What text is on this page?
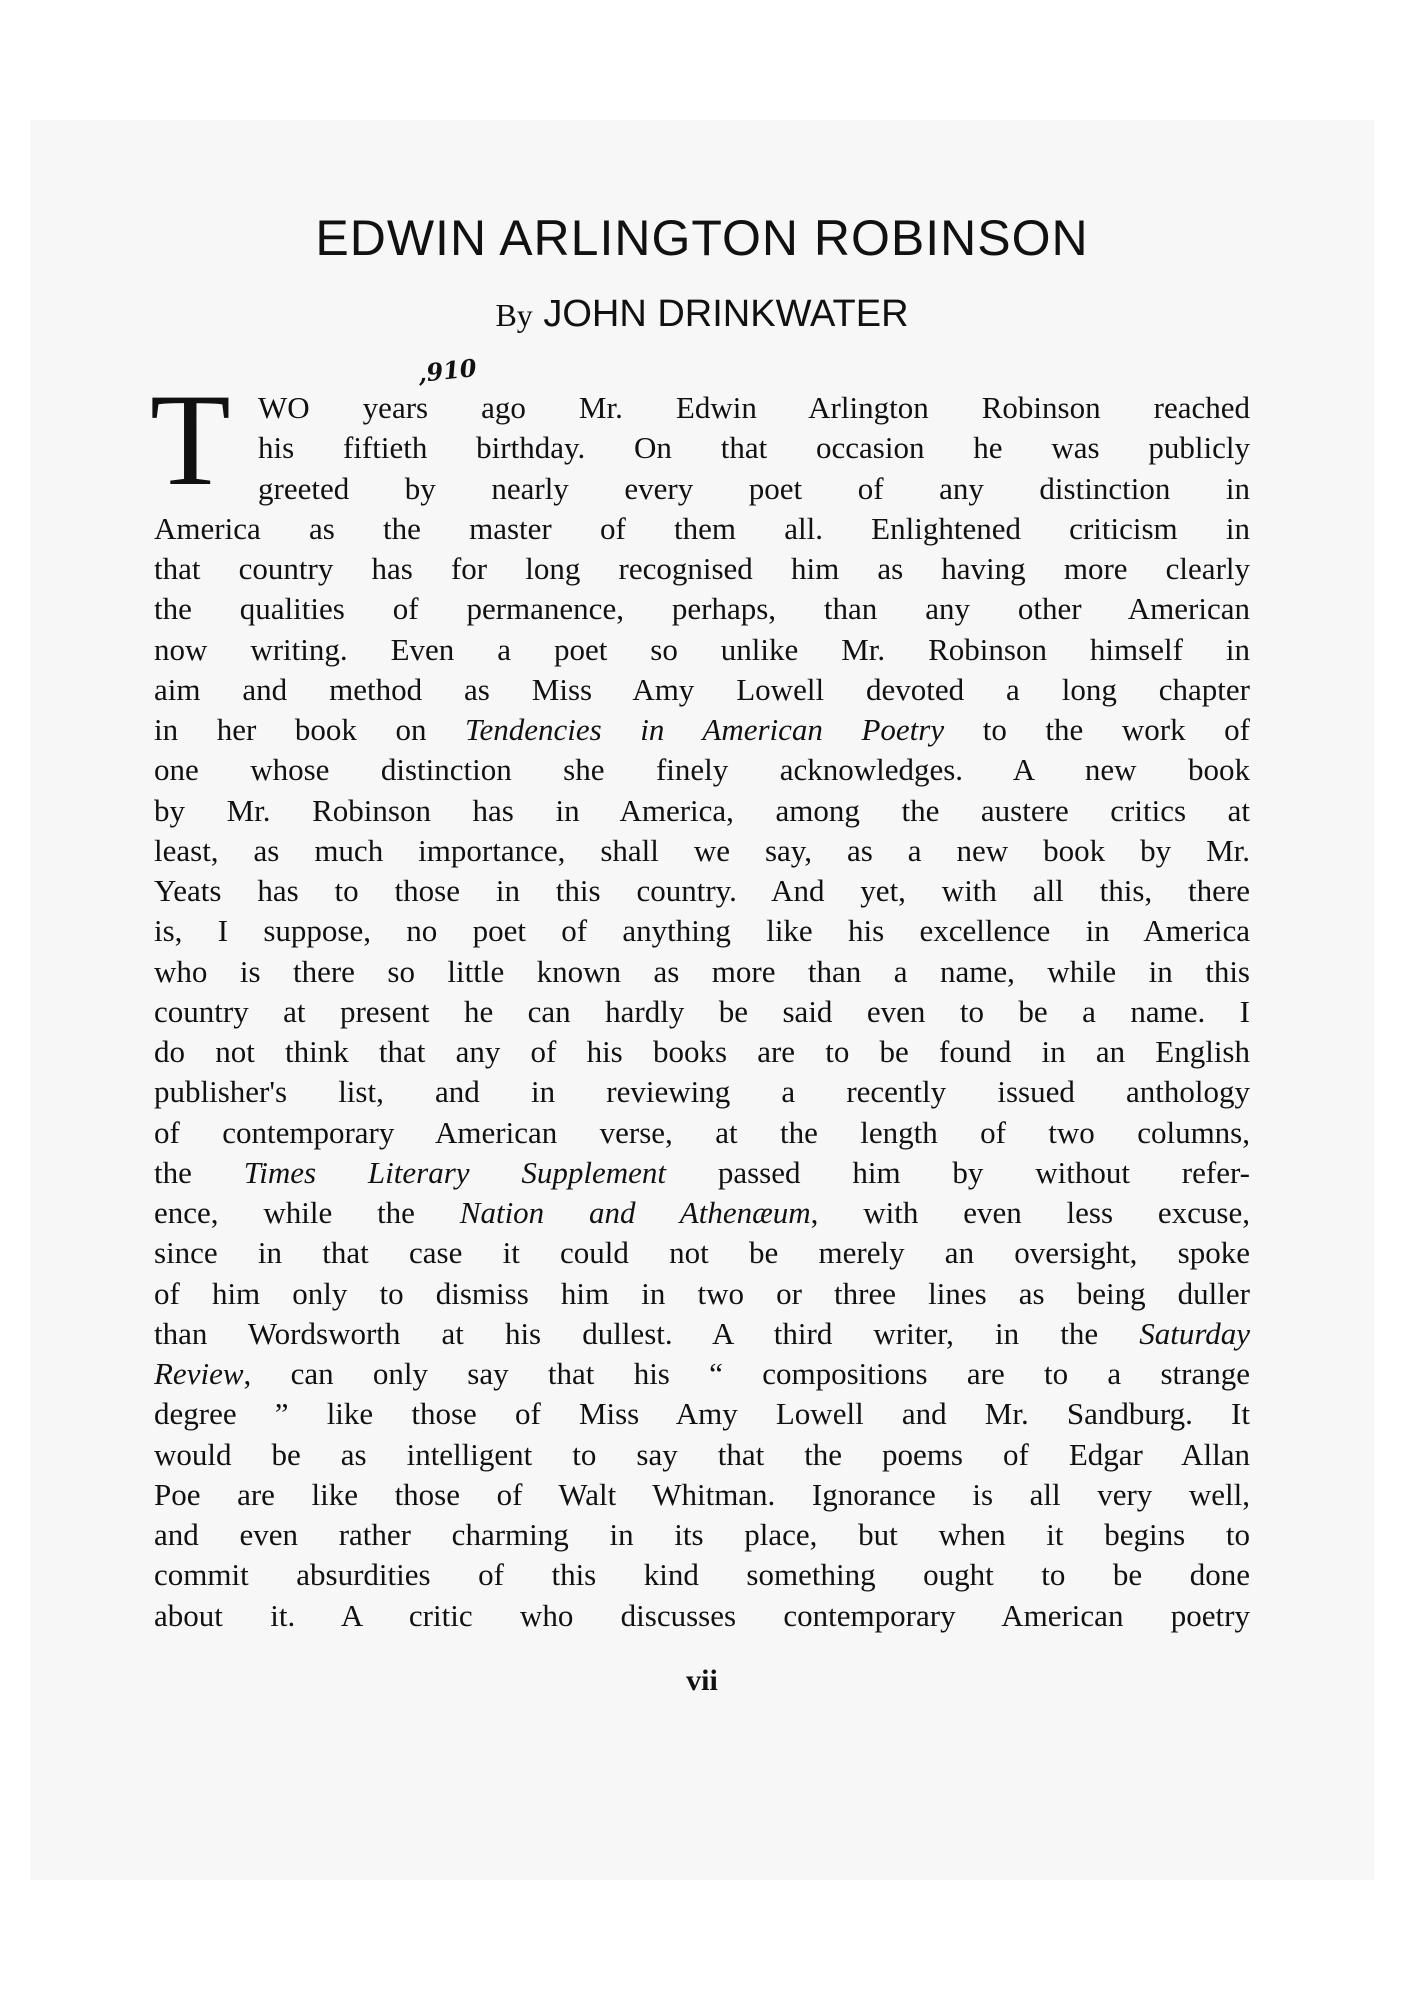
EDWIN ARLINGTON ROBINSON
By JOHN DRINKWATER
,910
T WO years ago Mr. Edwin Arlington Robinson reached
his fiftieth birthday. On that occasion he was publicly
greeted by nearly every poet of any distinction in
America as the master of them all. Enlightened criticism in
that country has for long recognised him as having more clearly
the qualities of permanence, perhaps, than any other American
now writing. Even a poet so unlike Mr. Robinson himself in
aim and method as Miss Amy Lowell devoted a long chapter
in her book on Tendencies in American Poetry to the work of
one whose distinction she finely acknowledges. A new book
by Mr. Robinson has in America, among the austere critics at
least, as much importance, shall we say, as a new book by Mr.
Yeats has to those in this country. And yet, with all this, there
is, I suppose, no poet of anything like his excellence in America
who is there so little known as more than a name, while in this
country at present he can hardly be said even to be a name. I
do not think that any of his books are to be found in an English
publisher's list, and in reviewing a recently issued anthology
of contemporary American verse, at the length of two columns,
the Times Literary Supplement passed him by without refer-
ence, while the Nation and Athenæum, with even less excuse,
since in that case it could not be merely an oversight, spoke
of him only to dismiss him in two or three lines as being duller
than Wordsworth at his dullest. A third writer, in the Saturday
Review, can only say that his “ compositions are to a strange
degree ” like those of Miss Amy Lowell and Mr. Sandburg. It
would be as intelligent to say that the poems of Edgar Allan
Poe are like those of Walt Whitman. Ignorance is all very well,
and even rather charming in its place, but when it begins to
commit absurdities of this kind something ought to be done
about it. A critic who discusses contemporary American poetry
vii
